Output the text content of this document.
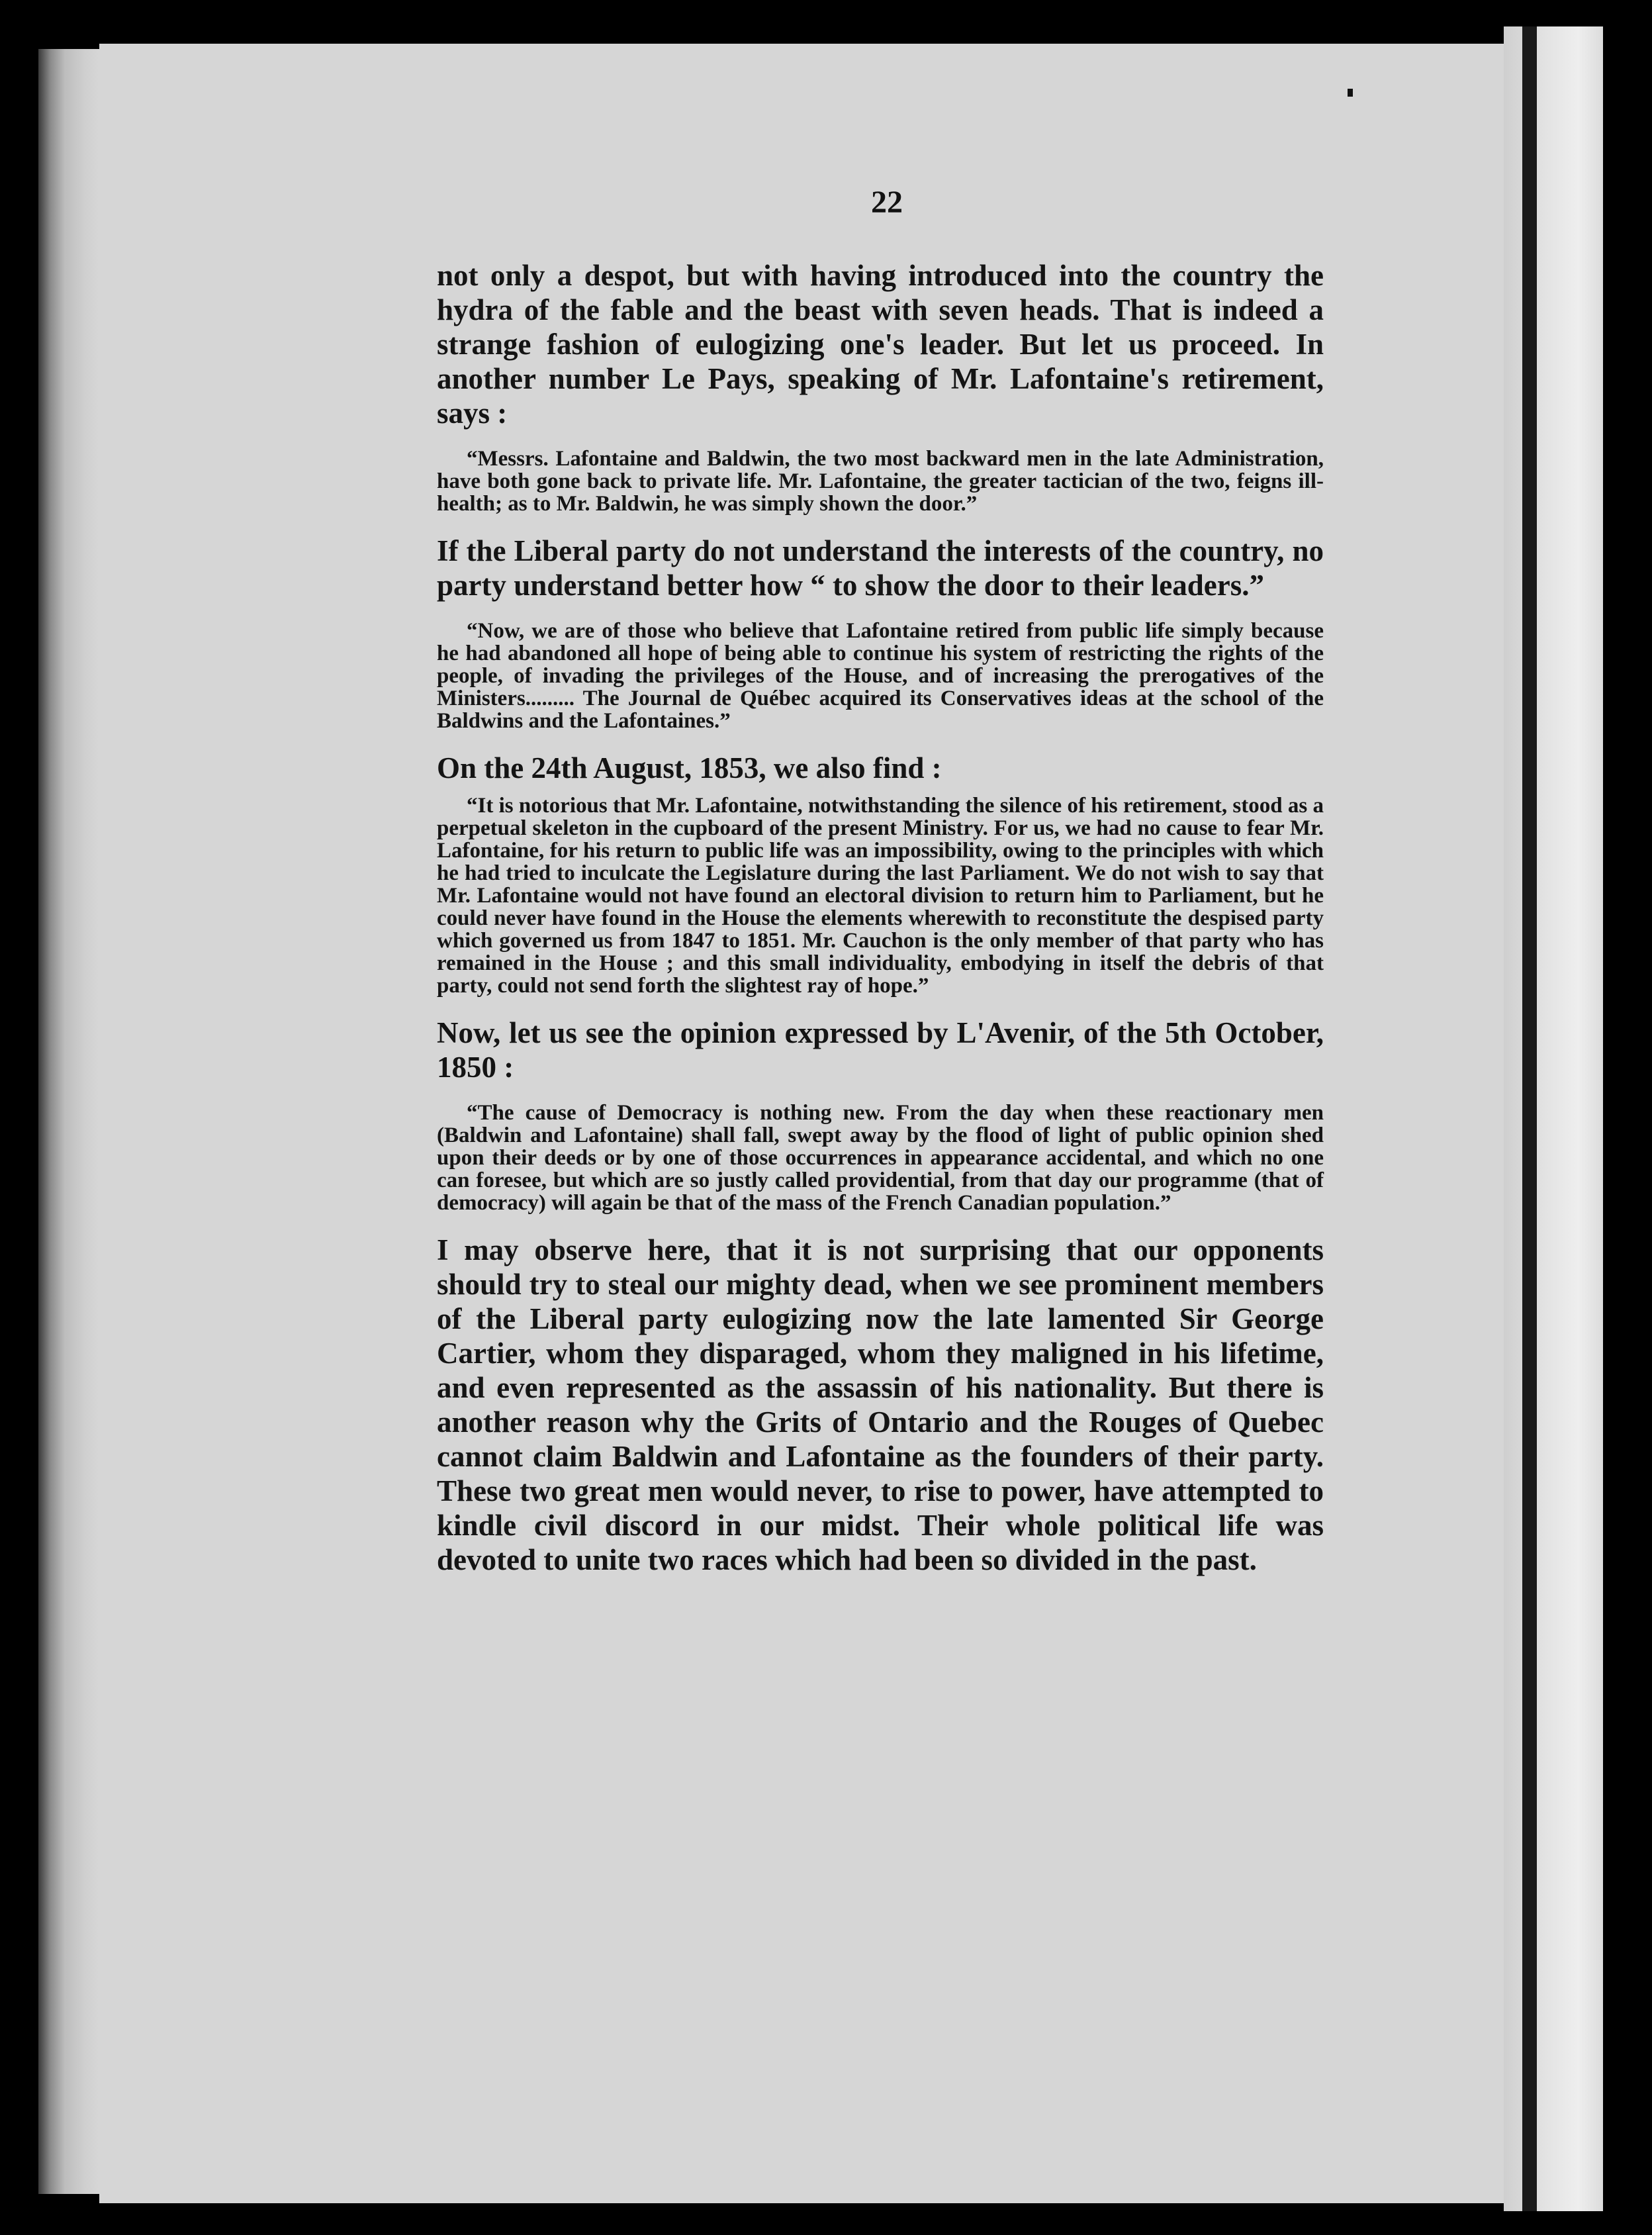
22

not only a despot, but with having introduced into the country the hydra of the fable and the beast with seven heads. That is indeed a strange fashion of eulogizing one's leader. But let us proceed. In another number Le Pays, speaking of Mr. Lafontaine's retirement, says :

“Messrs. Lafontaine and Baldwin, the two most backward men in the late Administration, have both gone back to private life. Mr. Lafontaine, the greater tactician of the two, feigns ill-health; as to Mr. Baldwin, he was simply shown the door.”

If the Liberal party do not understand the interests of the country, no party understand better how “ to show the door to their leaders.”

“Now, we are of those who believe that Lafontaine retired from public life simply because he had abandoned all hope of being able to continue his system of restricting the rights of the people, of invading the privileges of the House, and of increasing the prerogatives of the Ministers......... The Journal de Québec acquired its Conservatives ideas at the school of the Baldwins and the Lafontaines.”

On the 24th August, 1853, we also find :

“It is notorious that Mr. Lafontaine, notwithstanding the silence of his retirement, stood as a perpetual skeleton in the cupboard of the present Ministry. For us, we had no cause to fear Mr. Lafontaine, for his return to public life was an impossibility, owing to the principles with which he had tried to inculcate the Legislature during the last Parliament. We do not wish to say that Mr. Lafontaine would not have found an electoral division to return him to Parliament, but he could never have found in the House the elements wherewith to reconstitute the despised party which governed us from 1847 to 1851. Mr. Cauchon is the only member of that party who has remained in the House ; and this small individuality, embodying in itself the debris of that party, could not send forth the slightest ray of hope.”

Now, let us see the opinion expressed by L'Avenir, of the 5th October, 1850 :

“The cause of Democracy is nothing new. From the day when these reactionary men (Baldwin and Lafontaine) shall fall, swept away by the flood of light of public opinion shed upon their deeds or by one of those occurrences in appearance accidental, and which no one can foresee, but which are so justly called providential, from that day our programme (that of democracy) will again be that of the mass of the French Canadian population.”

I may observe here, that it is not surprising that our opponents should try to steal our mighty dead, when we see prominent members of the Liberal party eulogizing now the late lamented Sir George Cartier, whom they disparaged, whom they maligned in his lifetime, and even represented as the assassin of his nationality. But there is another reason why the Grits of Ontario and the Rouges of Quebec cannot claim Baldwin and Lafontaine as the founders of their party. These two great men would never, to rise to power, have attempted to kindle civil discord in our midst. Their whole political life was devoted to unite two races which had been so divided in the past.
